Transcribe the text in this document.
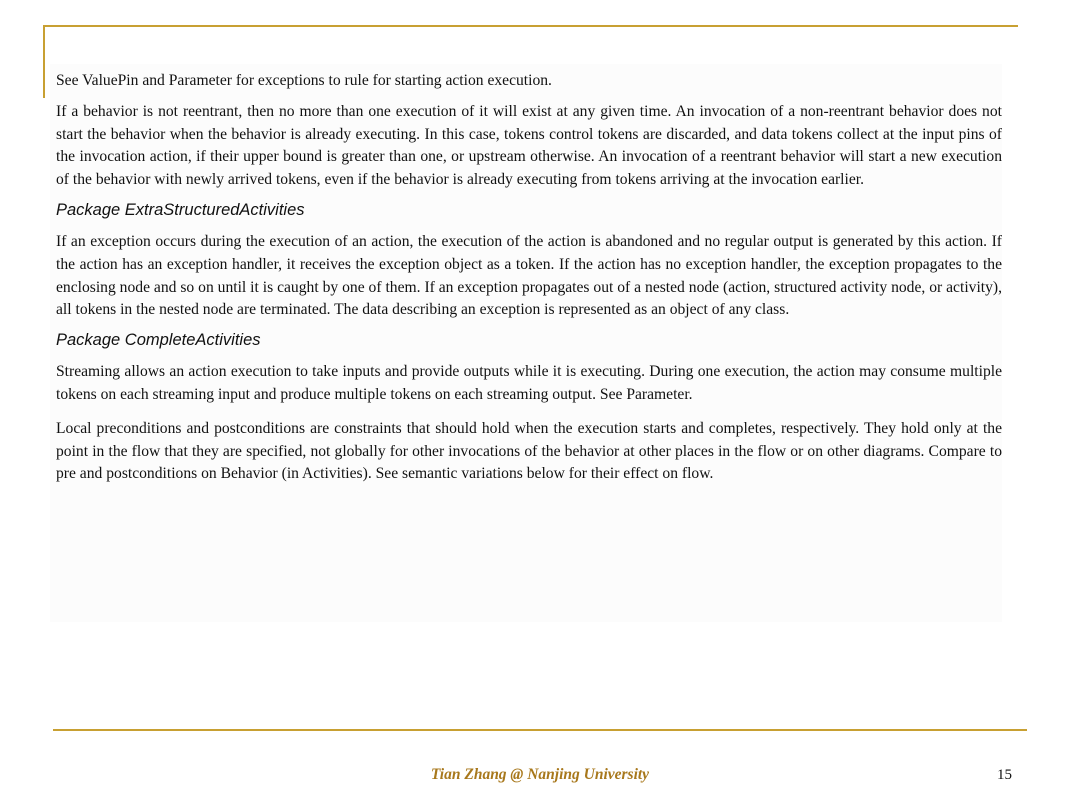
See ValuePin and Parameter for exceptions to rule for starting action execution.

If a behavior is not reentrant, then no more than one execution of it will exist at any given time. An invocation of a non-reentrant behavior does not start the behavior when the behavior is already executing. In this case, tokens control tokens are discarded, and data tokens collect at the input pins of the invocation action, if their upper bound is greater than one, or upstream otherwise. An invocation of a reentrant behavior will start a new execution of the behavior with newly arrived tokens, even if the behavior is already executing from tokens arriving at the invocation earlier.

Package ExtraStructuredActivities

If an exception occurs during the execution of an action, the execution of the action is abandoned and no regular output is generated by this action. If the action has an exception handler, it receives the exception object as a token. If the action has no exception handler, the exception propagates to the enclosing node and so on until it is caught by one of them. If an exception propagates out of a nested node (action, structured activity node, or activity), all tokens in the nested node are terminated. The data describing an exception is represented as an object of any class.

Package CompleteActivities

Streaming allows an action execution to take inputs and provide outputs while it is executing. During one execution, the action may consume multiple tokens on each streaming input and produce multiple tokens on each streaming output. See Parameter.

Local preconditions and postconditions are constraints that should hold when the execution starts and completes, respectively. They hold only at the point in the flow that they are specified, not globally for other invocations of the behavior at other places in the flow or on other diagrams. Compare to pre and postconditions on Behavior (in Activities). See semantic variations below for their effect on flow.

Tian Zhang @ Nanjing University	15
